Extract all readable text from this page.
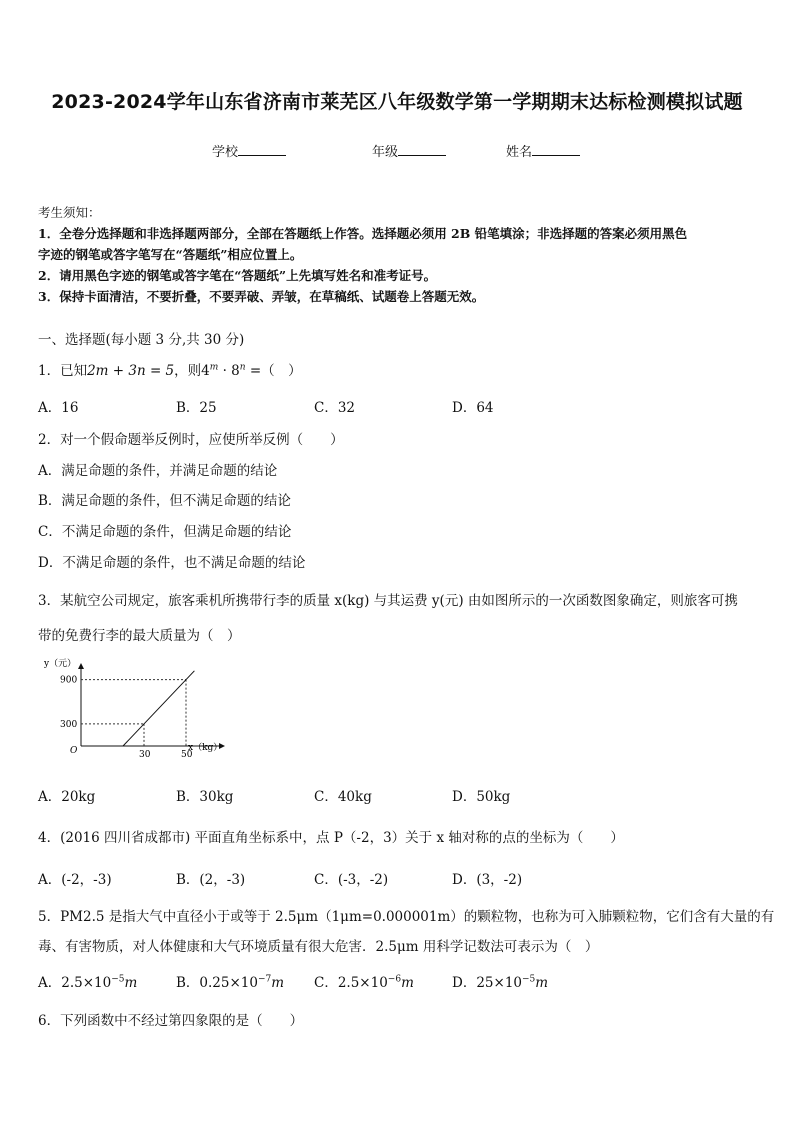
2023-2024学年山东省济南市莱芜区八年级数学第一学期期末达标检测模拟试题
学校	年级	姓名
考生须知：
1．全卷分选择题和非选择题两部分，全部在答题纸上作答。选择题必须用 2B 铅笔填涂；非选择题的答案必须用黑色
字迹的钢笔或答字笔写在“答题纸”相应位置上。
2．请用黑色字迹的钢笔或答字笔在“答题纸”上先填写姓名和准考证号。
3．保持卡面清洁，不要折叠，不要弄破、弄皱，在草稿纸、试题卷上答题无效。
一、选择题(每小题 3 分,共 30 分)
1．已知2m + 3n = 5，则$4^m \cdot 8^n$ =（　）
A．16	B．25	C．32	D．64
2．对一个假命题举反例时，应使所举反例（　　）
A．满足命题的条件，并满足命题的结论
B．满足命题的条件，但不满足命题的结论
C．不满足命题的条件，但满足命题的结论
D．不满足命题的条件，也不满足命题的结论
3．某航空公司规定，旅客乘机所携带行李的质量 x(kg) 与其运费 y(元) 由如图所示的一次函数图象确定，则旅客可携
带的免费行李的最大质量为（　）
y（元）
x（kg）
O
900
300
30	50
A．20kg	B．30kg	C．40kg	D．50kg
4．(2016 四川省成都市) 平面直角坐标系中，点 P（-2，3）关于 x 轴对称的点的坐标为（　　）
A．(-2，-3)	B．(2，-3)	C．(-3，-2)	D．(3，-2)
5．PM2.5 是指大气中直径小于或等于 2.5μm（1μm=0.000001m）的颗粒物，也称为可入肺颗粒物，它们含有大量的有
毒、有害物质，对人体健康和大气环境质量有很大危害．2.5μm 用科学记数法可表示为（　）
A．$2.5\times 10^{-5}m$	B．$0.25\times 10^{-7}m$ C．$2.5\times 10^{-6}m$	D．$25\times 10^{-5}m$
6．下列函数中不经过第四象限的是（　　）
